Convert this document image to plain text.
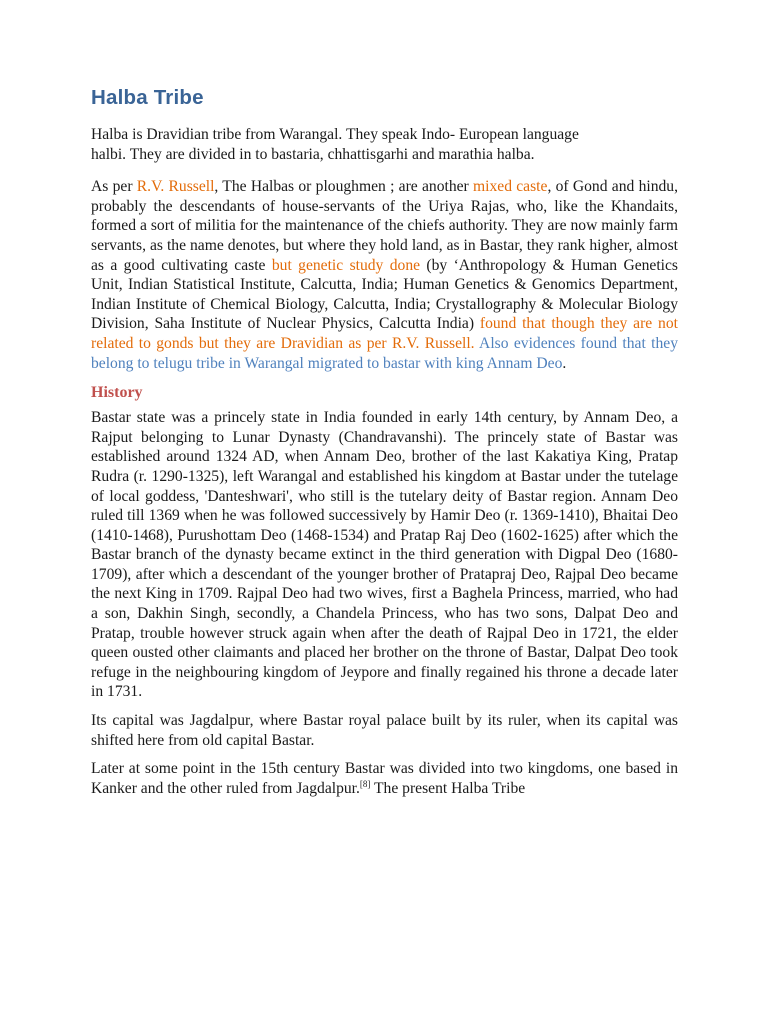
Halba Tribe

Halba is Dravidian tribe from Warangal. They speak Indo- European language
halbi. They are divided in to bastaria, chhattisgarhi and marathia halba.

As per R.V. Russell, The Halbas or ploughmen ; are another mixed caste, of Gond and hindu, probably the descendants of house-servants of the Uriya Rajas, who, like the Khandaits, formed a sort of militia for the maintenance of the chiefs authority. They are now mainly farm servants, as the name denotes, but where they hold land, as in Bastar, they rank higher, almost as a good cultivating caste but genetic study done (by ‘Anthropology & Human Genetics Unit, Indian Statistical Institute, Calcutta, India; Human Genetics & Genomics Department, Indian Institute of Chemical Biology, Calcutta, India; Crystallography & Molecular Biology Division, Saha Institute of Nuclear Physics, Calcutta India) found that though they are not related to gonds but they are Dravidian as per R.V. Russell. Also evidences found that they belong to telugu tribe in Warangal migrated to bastar with king Annam Deo.

History

Bastar state was a princely state in India founded in early 14th century, by Annam Deo, a Rajput belonging to Lunar Dynasty (Chandravanshi). The princely state of Bastar was established around 1324 AD, when Annam Deo, brother of the last Kakatiya King, Pratap Rudra (r. 1290-1325), left Warangal and established his kingdom at Bastar under the tutelage of local goddess, 'Danteshwari', who still is the tutelary deity of Bastar region. Annam Deo ruled till 1369 when he was followed successively by Hamir Deo (r. 1369-1410), Bhaitai Deo (1410-1468), Purushottam Deo (1468-1534) and Pratap Raj Deo (1602-1625) after which the Bastar branch of the dynasty became extinct in the third generation with Digpal Deo (1680-1709), after which a descendant of the younger brother of Pratapraj Deo, Rajpal Deo became the next King in 1709. Rajpal Deo had two wives, first a Baghela Princess, married, who had a son, Dakhin Singh, secondly, a Chandela Princess, who has two sons, Dalpat Deo and Pratap, trouble however struck again when after the death of Rajpal Deo in 1721, the elder queen ousted other claimants and placed her brother on the throne of Bastar, Dalpat Deo took refuge in the neighbouring kingdom of Jeypore and finally regained his throne a decade later in 1731.

Its capital was Jagdalpur, where Bastar royal palace built by its ruler, when its capital was shifted here from old capital Bastar.

Later at some point in the 15th century Bastar was divided into two kingdoms, one based in Kanker and the other ruled from Jagdalpur.[8] The present Halba Tribe
